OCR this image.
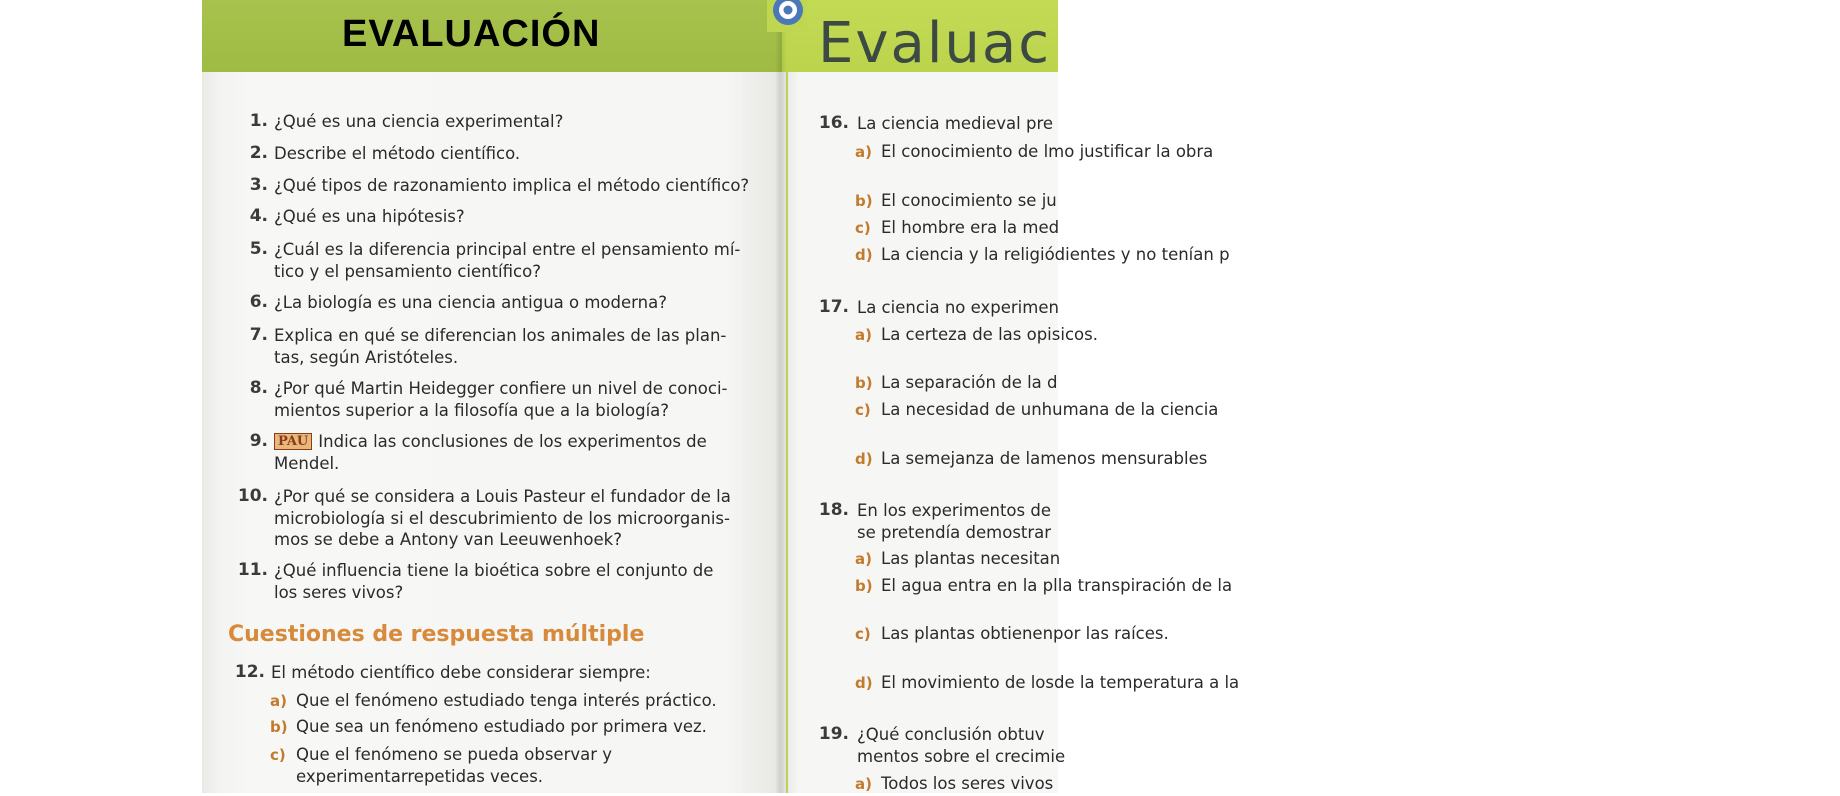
EVALUACIÓN	Evaluac
1. ¿Qué es una ciencia experimental?
2. Describe el método científico.
3. ¿Qué tipos de razonamiento implica el método científico?
4. ¿Qué es una hipótesis?
5. ¿Cuál es la diferencia principal entre el pensamiento mí-
tico y el pensamiento científico?
6. ¿La biología es una ciencia antigua o moderna?
7. Explica en qué se diferencian los animales de las plan-
tas, según Aristóteles.
8. ¿Por qué Martin Heidegger confiere un nivel de conoci-
mientos superior a la filosofía que a la biología?
9. PAU Indica las conclusiones de los experimentos de
Mendel.
10. ¿Por qué se considera a Louis Pasteur el fundador de la
microbiología si el descubrimiento de los microorganis-
mos se debe a Antony van Leeuwenhoek?
11. ¿Qué influencia tiene la bioética sobre el conjunto de
los seres vivos?
Cuestiones de respuesta múltiple
12. El método científico debe considerar siempre:
a) Que el fenómeno estudiado tenga interés práctico.
b) Que sea un fenómeno estudiado por primera vez.
c) Que el fenómeno se pueda observar y experimentarrepetidas veces.
16. La ciencia medieval pre
a) El conocimiento de lmo justificar la obra
b) El conocimiento se ju
c) El hombre era la med
d) La ciencia y la religiódientes y no tenían p
17. La ciencia no experimen
a) La certeza de las opisicos.
b) La separación de la d
c) La necesidad de unhumana de la ciencia
d) La semejanza de lamenos mensurables
18. En los experimentos de
se pretendía demostrar
a) Las plantas necesitan
b) El agua entra en la plla transpiración de la
c) Las plantas obtienenpor las raíces.
d) El movimiento de losde la temperatura a la
19. ¿Qué conclusión obtuv
mentos sobre el crecimie
a) Todos los seres vivos
